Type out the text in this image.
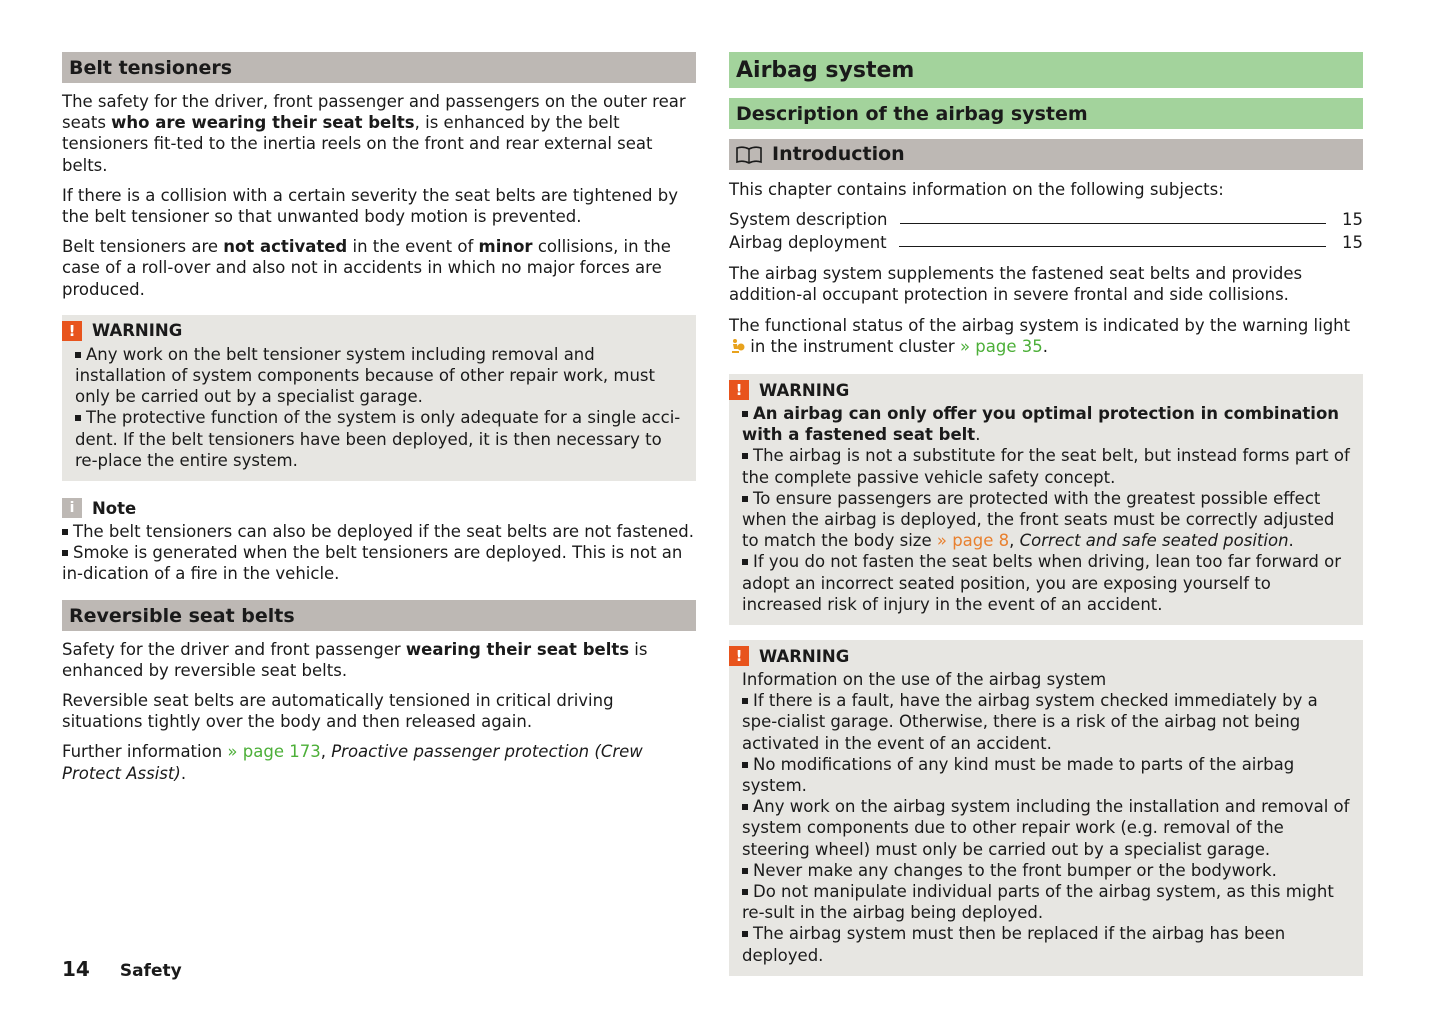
Belt tensioners

The safety for the driver, front passenger and passengers on the outer rear seats who are wearing their seat belts, is enhanced by the belt tensioners fit-ted to the inertia reels on the front and rear external seat belts.

If there is a collision with a certain severity the seat belts are tightened by the belt tensioner so that unwanted body motion is prevented.

Belt tensioners are not activated in the event of minor collisions, in the case of a roll-over and also not in accidents in which no major forces are produced.

!	WARNING
Any work on the belt tensioner system including removal and installation of system components because of other repair work, must only be carried out by a specialist garage.
The protective function of the system is only adequate for a single acci-dent. If the belt tensioners have been deployed, it is then necessary to re-place the entire system.
i	Note
The belt tensioners can also be deployed if the seat belts are not fastened.
Smoke is generated when the belt tensioners are deployed. This is not an in-dication of a fire in the vehicle.
Reversible seat belts

Safety for the driver and front passenger wearing their seat belts is enhanced by reversible seat belts.

Reversible seat belts are automatically tensioned in critical driving situations tightly over the body and then released again.

Further information » page 173, Proactive passenger protection (Crew Protect Assist).

Airbag system
Description of the airbag system
Introduction

This chapter contains information on the following subjects:

System description	15
Airbag deployment	15

The airbag system supplements the fastened seat belts and provides addition-al occupant protection in severe frontal and side collisions.

The functional status of the airbag system is indicated by the warning light  in the instrument cluster » page 35.

!	WARNING
An airbag can only offer you optimal protection in combination with a fastened seat belt.
The airbag is not a substitute for the seat belt, but instead forms part of the complete passive vehicle safety concept.
To ensure passengers are protected with the greatest possible effect when the airbag is deployed, the front seats must be correctly adjusted to match the body size » page 8, Correct and safe seated position.
If you do not fasten the seat belts when driving, lean too far forward or adopt an incorrect seated position, you are exposing yourself to increased risk of injury in the event of an accident.
!	WARNING
Information on the use of the airbag system
If there is a fault, have the airbag system checked immediately by a spe-cialist garage. Otherwise, there is a risk of the airbag not being activated in the event of an accident.
No modifications of any kind must be made to parts of the airbag system.
Any work on the airbag system including the installation and removal of system components due to other repair work (e.g. removal of the steering wheel) must only be carried out by a specialist garage.
Never make any changes to the front bumper or the bodywork.
Do not manipulate individual parts of the airbag system, as this might re-sult in the airbag being deployed.
The airbag system must then be replaced if the airbag has been deployed.
14 Safety
